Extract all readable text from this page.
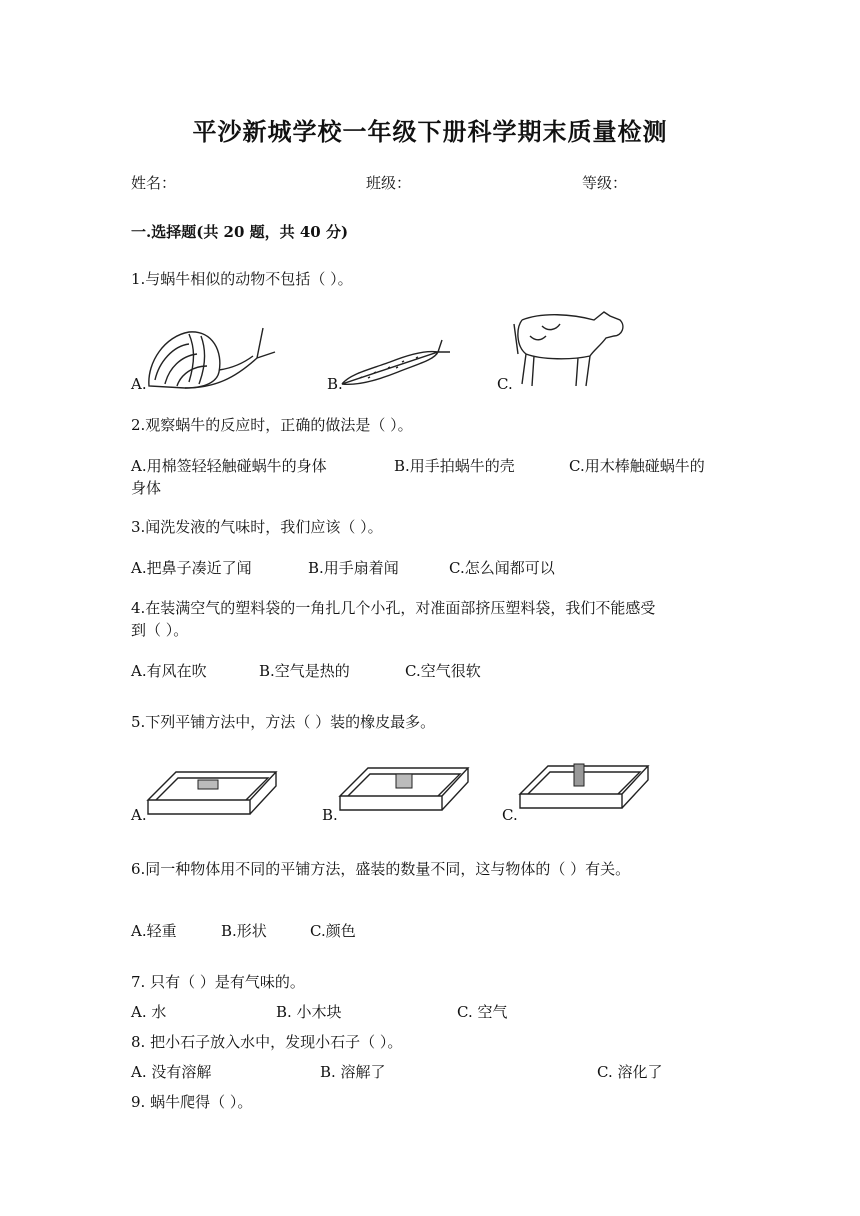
平沙新城学校一年级下册科学期末质量检测
姓名：	班级：	等级：
一.选择题(共 20 题，共 40 分)
1.与蜗牛相似的动物不包括（ ）。
A.	B.	C.
2.观察蜗牛的反应时，正确的做法是（ ）。
A.用棉签轻轻触碰蜗牛的身体	B.用手拍蜗牛的壳	C.用木棒触碰蜗牛的
身体
3.闻洗发液的气味时，我们应该（ ）。
A.把鼻子凑近了闻	B.用手扇着闻	C.怎么闻都可以
4.在装满空气的塑料袋的一角扎几个小孔，对准面部挤压塑料袋，我们不能感受
到（ ）。
A.有风在吹	B.空气是热的	C.空气很软
5.下列平铺方法中，方法（ ）装的橡皮最多。
A.	B.	C.
6.同一种物体用不同的平铺方法，盛装的数量不同，这与物体的（ ）有关。
A.轻重	B.形状	C.颜色
7. 只有（ ）是有气味的。
A. 水	B. 小木块	C. 空气
8. 把小石子放入水中，发现小石子（ ）。
A. 没有溶解	B. 溶解了	C. 溶化了
9. 蜗牛爬得（ ）。
